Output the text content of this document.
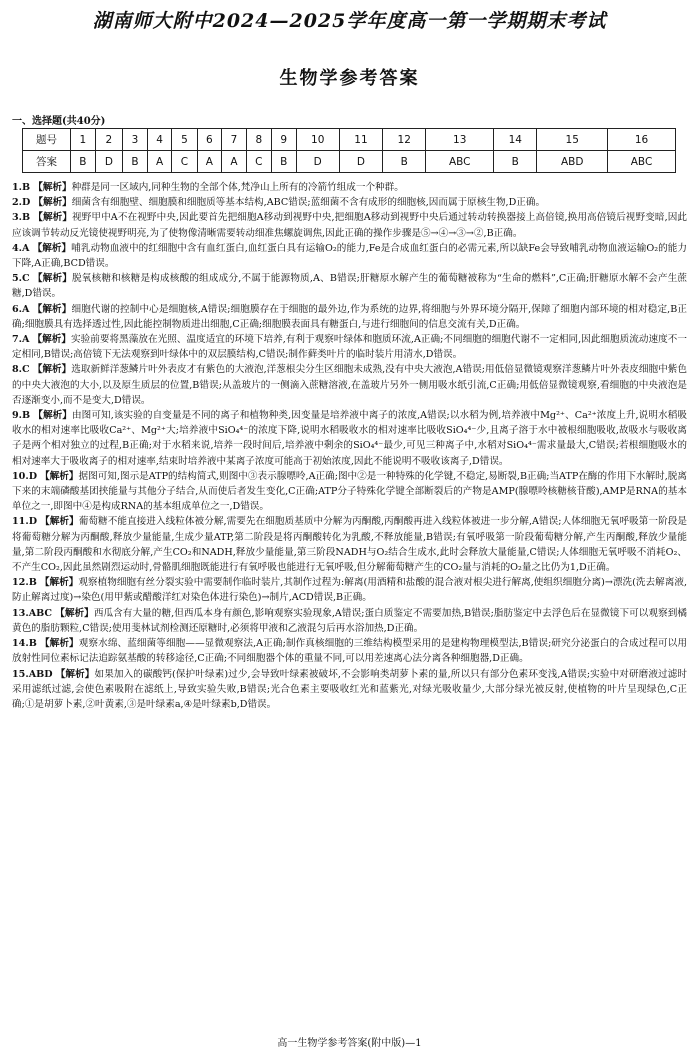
湖南师大附中2024—2025学年度高一第一学期期末考试
生物学参考答案
一、选择题(共40分)
题号	1	2	3	4	5	6	7	8	9	10	11	12	13	14	15	16
答案	B	D	B	A	C	A	A	C	B	D	D	B	ABC	B	ABD	ABC

1.B 【解析】种群是同一区域内,同种生物的全部个体,梵净山上所有的冷箭竹组成一个种群。

2.D 【解析】细菌含有细胞壁、细胞膜和细胞质等基本结构,ABC错误;蓝细菌不含有成形的细胞核,因而属于原核生物,D正确。

3.B 【解析】视野甲中A不在视野中央,因此要首先把细胞A移动到视野中央,把细胞A移动到视野中央后通过转动转换器接上高倍镜,换用高倍镜后视野变暗,因此应该调节转动反光镜使视野明亮,为了使物像清晰需要转动细准焦螺旋调焦,因此正确的操作步骤是⑤→④→③→②,B正确。

4.A 【解析】哺乳动物血液中的红细胞中含有血红蛋白,血红蛋白具有运输O₂的能力,Fe是合成血红蛋白的必需元素,所以缺Fe会导致哺乳动物血液运输O₂的能力下降,A正确,BCD错误。

5.C 【解析】脱氧核糖和核糖是构成核酸的组成成分,不属于能源物质,A、B错误;肝糖原水解产生的葡萄糖被称为“生命的燃料”,C正确;肝糖原水解不会产生蔗糖,D错误。

6.A 【解析】细胞代谢的控制中心是细胞核,A错误;细胞膜存在于细胞的最外边,作为系统的边界,将细胞与外界环境分隔开,保障了细胞内部环境的相对稳定,B正确;细胞膜具有选择透过性,因此能控制物质进出细胞,C正确;细胞膜表面具有糖蛋白,与进行细胞间的信息交流有关,D正确。

7.A 【解析】实验前要将黑藻放在光照、温度适宜的环境下培养,有利于观察叶绿体和胞质环流,A正确;不同细胞的细胞代谢不一定相同,因此细胞质流动速度不一定相同,B错误;高倍镜下无法观察到叶绿体中的双层膜结构,C错误;制作藓类叶片的临时装片用清水,D错误。

8.C 【解析】选取新鲜洋葱鳞片叶外表皮才有紫色的大液泡,洋葱根尖分生区细胞未成熟,没有中央大液泡,A错误;用低倍显微镜观察洋葱鳞片叶外表皮细胞中紫色的中央大液泡的大小,以及原生质层的位置,B错误;从盖玻片的一侧滴入蔗糖溶液,在盖玻片另外一侧用吸水纸引流,C正确;用低倍显微镜观察,看细胞的中央液泡是否逐渐变小,而不是变大,D错误。

9.B 【解析】由图可知,该实验的自变量是不同的离子和植物种类,因变量是培养液中离子的浓度,A错误;以水稻为例,培养液中Mg²⁺、Ca²⁺浓度上升,说明水稻吸收水的相对速率比吸收Ca²⁺、Mg²⁺大;培养液中SiO₄⁴⁻的浓度下降,说明水稻吸收水的相对速率比吸收SiO₄⁴⁻少,且离子溶于水中被根细胞吸收,故吸水与吸收离子是两个相对独立的过程,B正确;对于水稻来说,培养一段时间后,培养液中剩余的SiO₄⁴⁻最少,可见三种离子中,水稻对SiO₄⁴⁻需求量最大,C错误;若根细胞吸水的相对速率大于吸收离子的相对速率,结束时培养液中某离子浓度可能高于初始浓度,因此不能说明不吸收该离子,D错误。

10.D 【解析】据图可知,图示是ATP的结构简式,则图中③表示腺嘌呤,A正确;图中②是一种特殊的化学键,不稳定,易断裂,B正确;当ATP在酶的作用下水解时,脱离下来的末端磷酸基团挟能量与其他分子结合,从而使后者发生变化,C正确;ATP分子特殊化学键全部断裂后的产物是AMP(腺嘌呤核糖核苷酸),AMP是RNA的基本单位之一,即图中④是构成RNA的基本组成单位之一,D错误。

11.D 【解析】葡萄糖不能直接进入线粒体被分解,需要先在细胞质基质中分解为丙酮酸,丙酮酸再进入线粒体被进一步分解,A错误;人体细胞无氧呼吸第一阶段是将葡萄糖分解为丙酮酸,释放少量能量,生成少量ATP,第二阶段是将丙酮酸转化为乳酸,不释放能量,B错误;有氧呼吸第一阶段葡萄糖分解,产生丙酮酸,释放少量能量,第二阶段丙酮酸和水彻底分解,产生CO₂和NADH,释放少量能量,第三阶段NADH与O₂结合生成水,此时会释放大量能量,C错误;人体细胞无氧呼吸不消耗O₂、不产生CO₂,因此虽然剧烈运动时,骨骼肌细胞既能进行有氧呼吸也能进行无氧呼吸,但分解葡萄糖产生的CO₂量与消耗的O₂量之比仍为1,D正确。

12.B 【解析】观察植物细胞有丝分裂实验中需要制作临时装片,其制作过程为:解离(用酒精和盐酸的混合液对根尖进行解离,使组织细胞分离)→漂洗(洗去解离液,防止解离过度)→染色(用甲紫或醋酸洋红对染色体进行染色)→制片,ACD错误,B正确。

13.ABC 【解析】西瓜含有大量的糖,但西瓜本身有颜色,影响观察实验现象,A错误;蛋白质鉴定不需要加热,B错误;脂肪鉴定中去浮色后在显微镜下可以观察到橘黄色的脂肪颗粒,C错误;使用斐林试剂检测还原糖时,必须将甲液和乙液混匀后再水浴加热,D正确。

14.B 【解析】观察水绵、蓝细菌等细胞——显微观察法,A正确;制作真核细胞的三维结构模型采用的是建构物理模型法,B错误;研究分泌蛋白的合成过程可以用放射性同位素标记法追踪氨基酸的转移途径,C正确;不同细胞器个体的重量不同,可以用差速离心法分离各种细胞器,D正确。

15.ABD 【解析】如果加入的碳酸钙(保护叶绿素)过少,会导致叶绿素被破坏,不会影响类胡萝卜素的量,所以只有部分色素环变浅,A错误;实验中对研磨液过滤时采用滤纸过滤,会使色素吸附在滤纸上,导致实验失败,B错误;光合色素主要吸收红光和蓝紫光,对绿光吸收量少,大部分绿光被反射,使植物的叶片呈现绿色,C正确;①是胡萝卜素,②叶黄素,③是叶绿素a,④是叶绿素b,D错误。

高一生物学参考答案(附中版)—1
